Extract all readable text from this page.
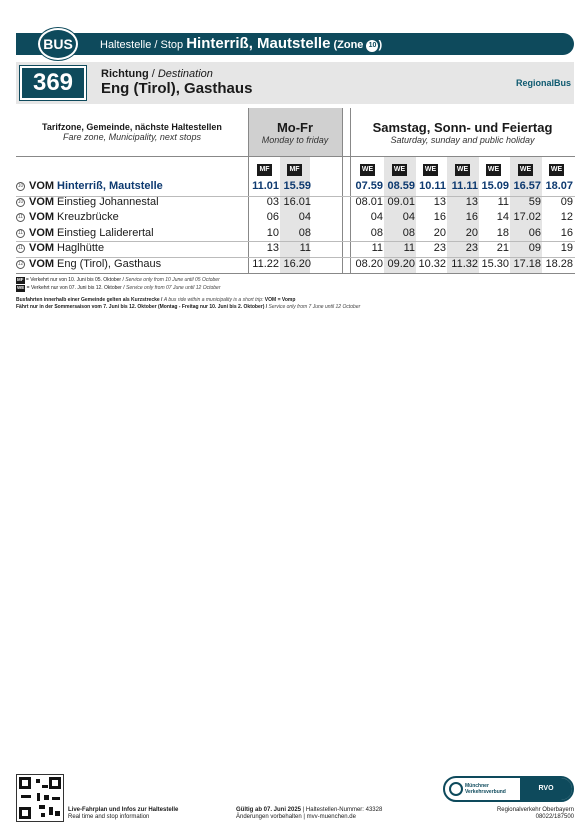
BUS	Haltestelle / Stop Hinterriß, Mautstelle (Zone 10 )
369	Richtung / Destination
Eng (Tirol), Gasthaus	RegionalBus
Tarifzone, Gemeinde, nächste Haltestellen
Fare zone, Municipality, next stops
Mo-Fr
Monday to friday
Samstag, Sonn- und Feiertag
Saturday, sunday and public holiday
MF	MF	WE	WE	WE	WE	WE	WE	WE
10 VOM Hinterriß, Mautstelle	11.01 15.59	07.59 08.59 10.11 11.11 15.09 16.57 18.07
10 VOM Einstieg Johannestal	03 16.01	08.01 09.01	13	13	11	59	09
11 VOM Kreuzbrücke	06	04	04	04	16	16	14 17.02	12
11 VOM Einstieg Laliderertal	10	08	08	08	20	20	18	06	16
11 VOM Haglhütte	13	11	11	11	23	23	21	09	19
12 VOM Eng (Tirol), Gasthaus	11.22 16.20	08.20 09.20 10.32 11.32 15.30 17.18 18.28
MF = Verkehrt nur von 10. Juni bis 05. Oktober / Service only from 10 June until 05 October
WE = Verkehrt nur von 07. Juni bis 12. Oktober / Service only from 07 June until 12 October
Busfahrten innerhalb einer Gemeinde gelten als Kurzstrecke / A bus ride within a municipality is a short trip: VOM = Vomp
Fährt nur in der Sommersaison vom 7. Juni bis 12. Oktober (Montag - Freitag nur 10. Juni bis 2. Oktober) / Service only from 7 June until 12 October
Live-Fahrplan und Infos zur Haltestelle
Real time and stop information
Gültig ab 07. Juni 2025 | Haltestellen-Nummer: 43328
Änderungen vorbehalten | mvv-muenchen.de
Regionalverkehr Oberbayern
08022/187500
Münchner
Verkehrsverbund	RVO
